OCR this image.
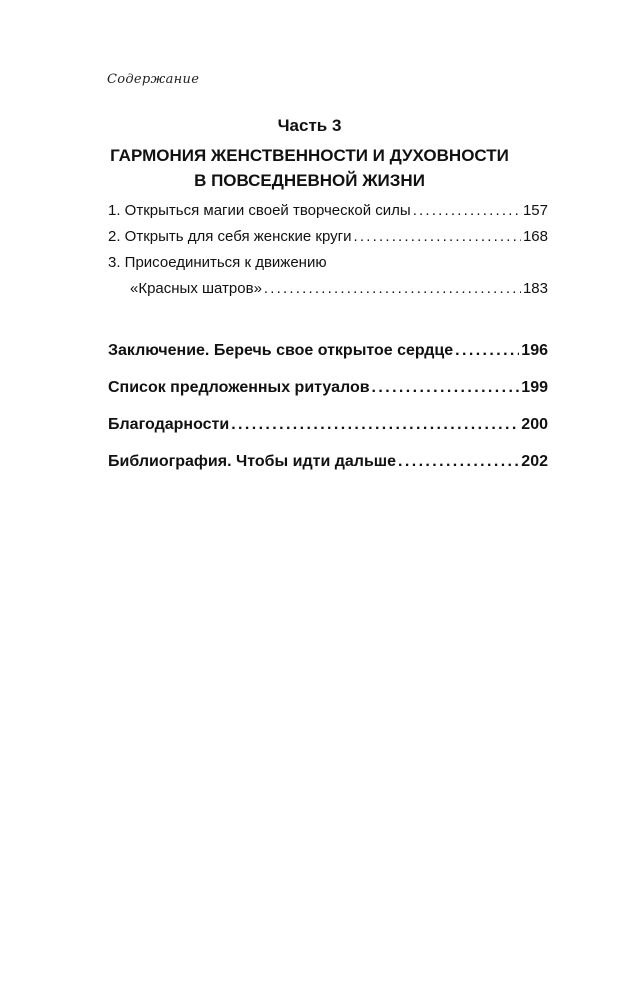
Содержание
Часть 3
ГАРМОНИЯ ЖЕНСТВЕННОСТИ И ДУХОВНОСТИ
В ПОВСЕДНЕВНОЙ ЖИЗНИ
1. Открыться магии своей творческой силы .....	157
2. Открыть для себя женские круги .....	168
3. Присоединиться к движению
«Красных шатров» .....	183
Заключение. Беречь свое открытое сердце .....	196
Список предложенных ритуалов .....	199
Благодарности .....	200
Библиография. Чтобы идти дальше .....	202
